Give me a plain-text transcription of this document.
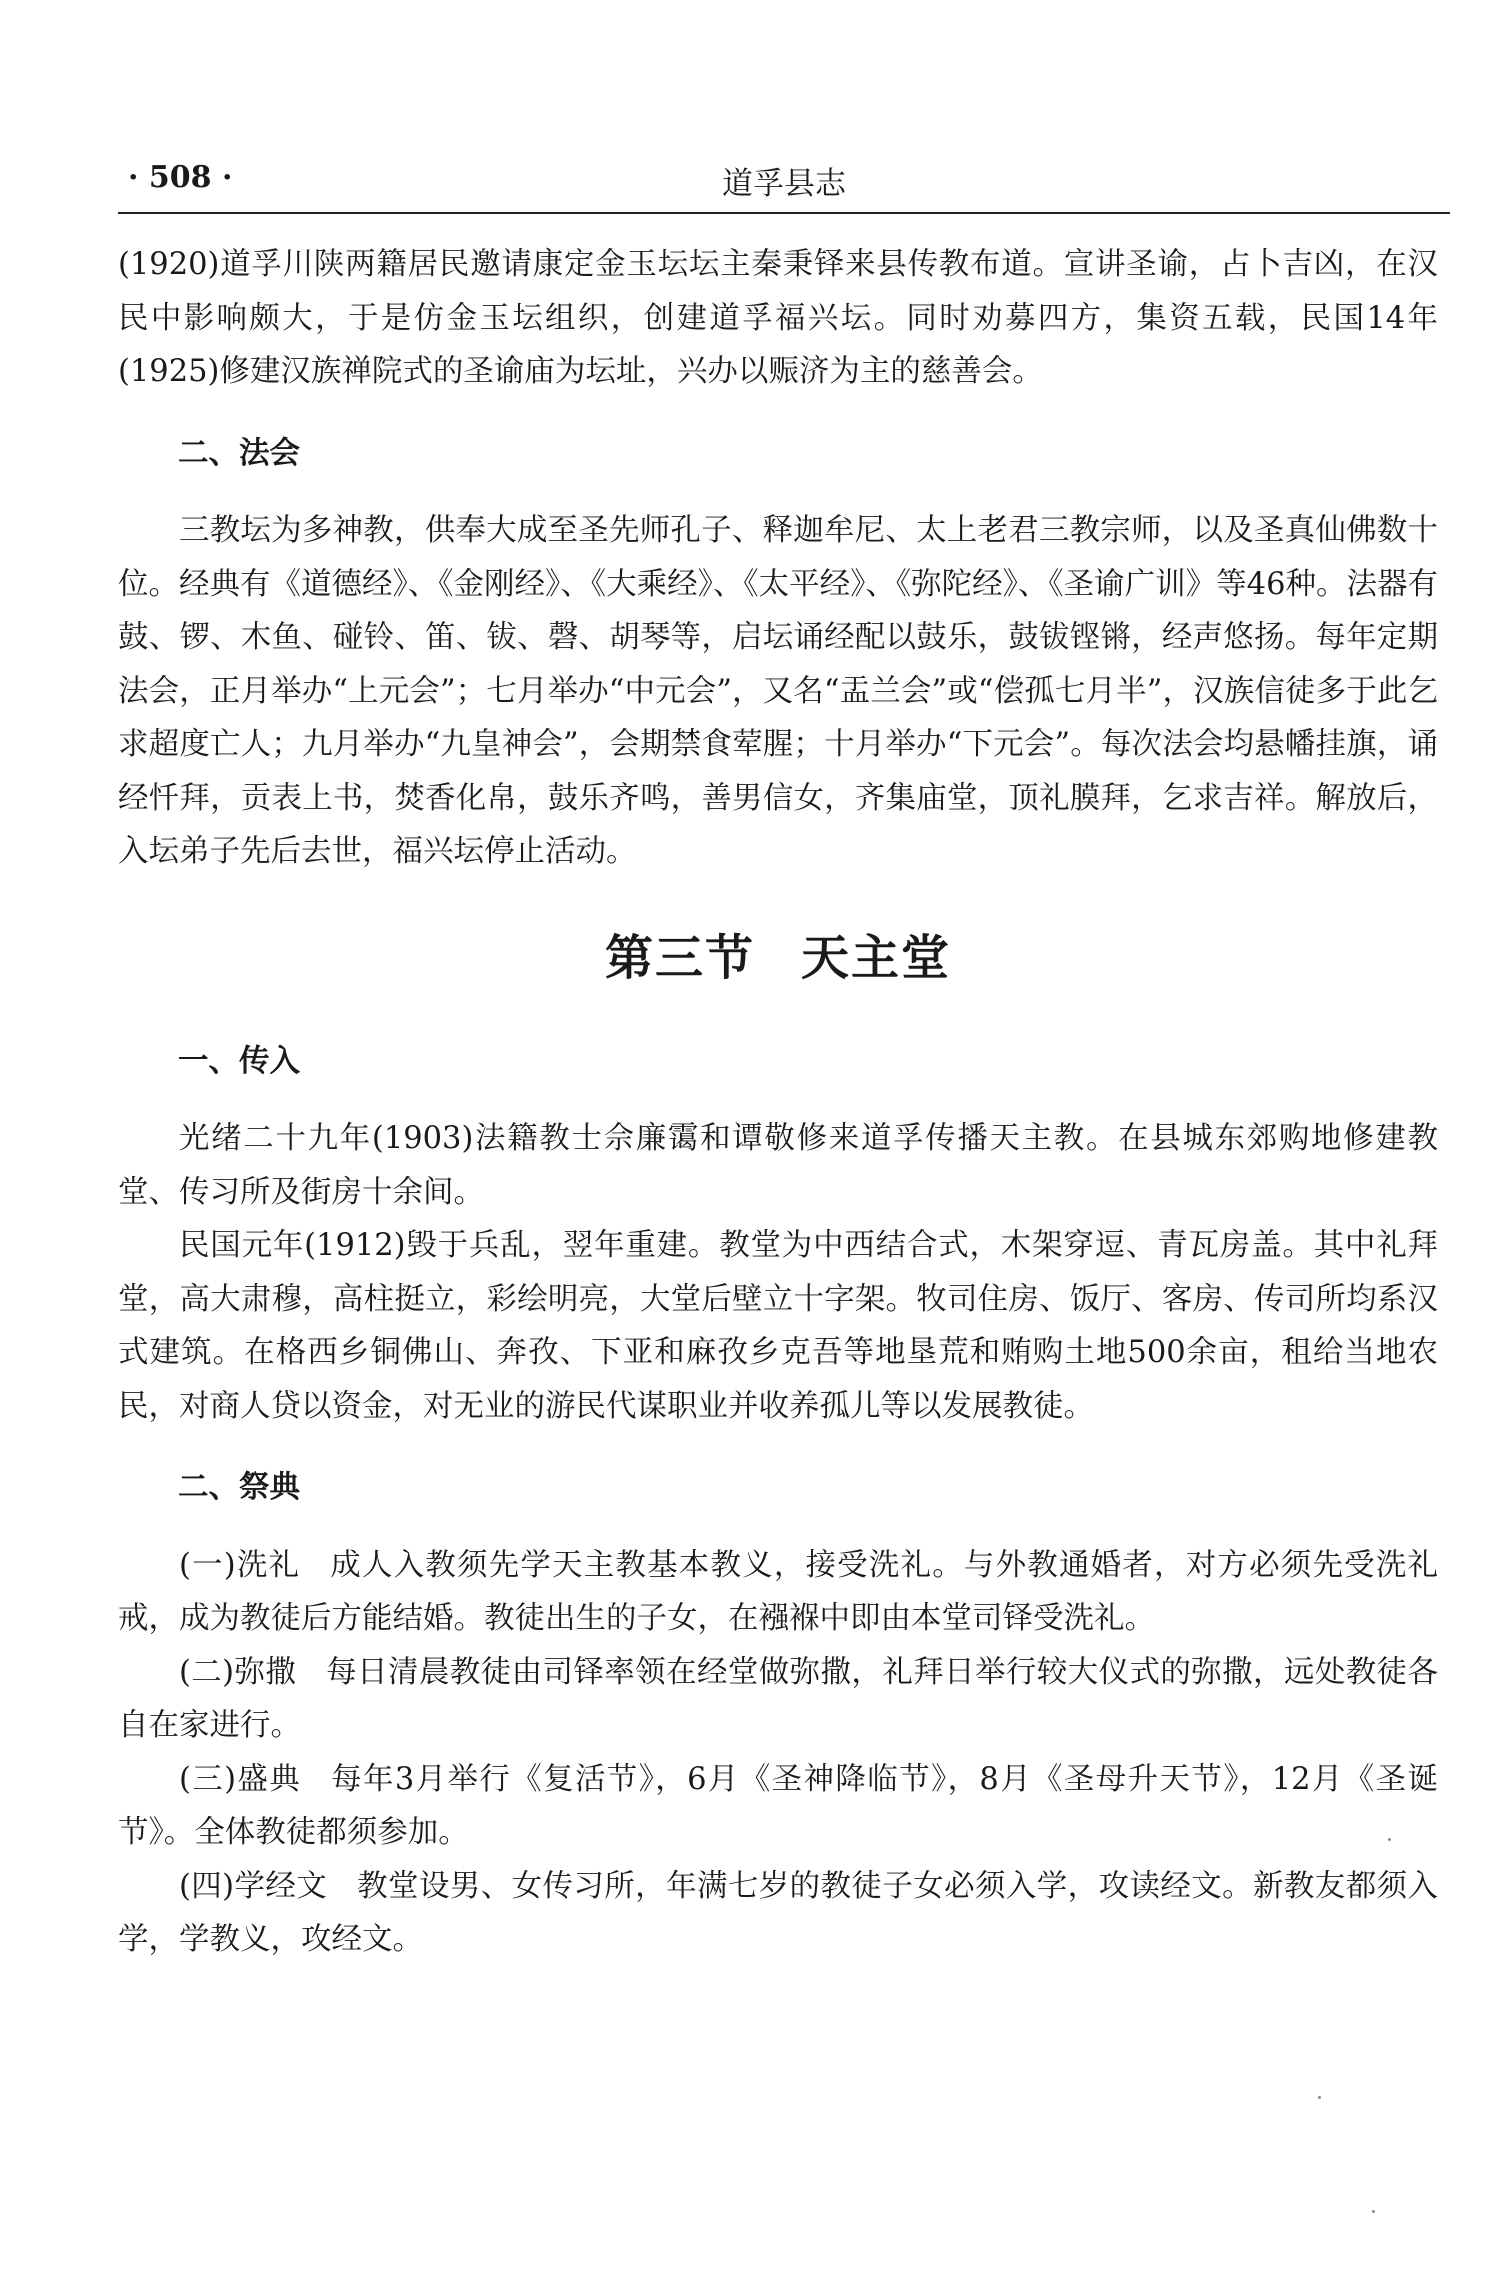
· 508 ·	道孚县志

(1920)道孚川陕两籍居民邀请康定金玉坛坛主秦秉铎来县传教布道。宣讲圣谕，占卜吉凶，在汉民中影响颇大，于是仿金玉坛组织，创建道孚福兴坛。同时劝募四方，集资五载，民国14年(1925)修建汉族禅院式的圣谕庙为坛址，兴办以赈济为主的慈善会。

二、法会

三教坛为多神教，供奉大成至圣先师孔子、释迦牟尼、太上老君三教宗师，以及圣真仙佛数十位。经典有《道德经》、《金刚经》、《大乘经》、《太平经》、《弥陀经》、《圣谕广训》等46种。法器有鼓、锣、木鱼、碰铃、笛、钹、磬、胡琴等，启坛诵经配以鼓乐，鼓钹铿锵，经声悠扬。每年定期法会，正月举办“上元会”；七月举办“中元会”，又名“盂兰会”或“偿孤七月半”，汉族信徒多于此乞求超度亡人；九月举办“九皇神会”，会期禁食荤腥；十月举办“下元会”。每次法会均悬幡挂旗，诵经忏拜，贡表上书，焚香化帛，鼓乐齐鸣，善男信女，齐集庙堂，顶礼膜拜，乞求吉祥。解放后，入坛弟子先后去世，福兴坛停止活动。

第三节 天主堂
一、传入

光绪二十九年(1903)法籍教士佘廉霭和谭敬修来道孚传播天主教。在县城东郊购地修建教堂、传习所及街房十余间。

民国元年(1912)毁于兵乱，翌年重建。教堂为中西结合式，木架穿逗、青瓦房盖。其中礼拜堂，高大肃穆，高柱挺立，彩绘明亮，大堂后壁立十字架。牧司住房、饭厅、客房、传司所均系汉式建筑。在格西乡铜佛山、奔孜、下亚和麻孜乡克吾等地垦荒和贿购土地500余亩，租给当地农民，对商人贷以资金，对无业的游民代谋职业并收养孤儿等以发展教徒。

二、祭典

(一)洗礼 成人入教须先学天主教基本教义，接受洗礼。与外教通婚者，对方必须先受洗礼戒，成为教徒后方能结婚。教徒出生的子女，在襁褓中即由本堂司铎受洗礼。

(二)弥撒 每日清晨教徒由司铎率领在经堂做弥撒，礼拜日举行较大仪式的弥撒，远处教徒各自在家进行。

(三)盛典 每年3月举行《复活节》，6月《圣神降临节》，8月《圣母升天节》，12月《圣诞节》。全体教徒都须参加。

(四)学经文 教堂设男、女传习所，年满七岁的教徒子女必须入学，攻读经文。新教友都须入学，学教义，攻经文。
